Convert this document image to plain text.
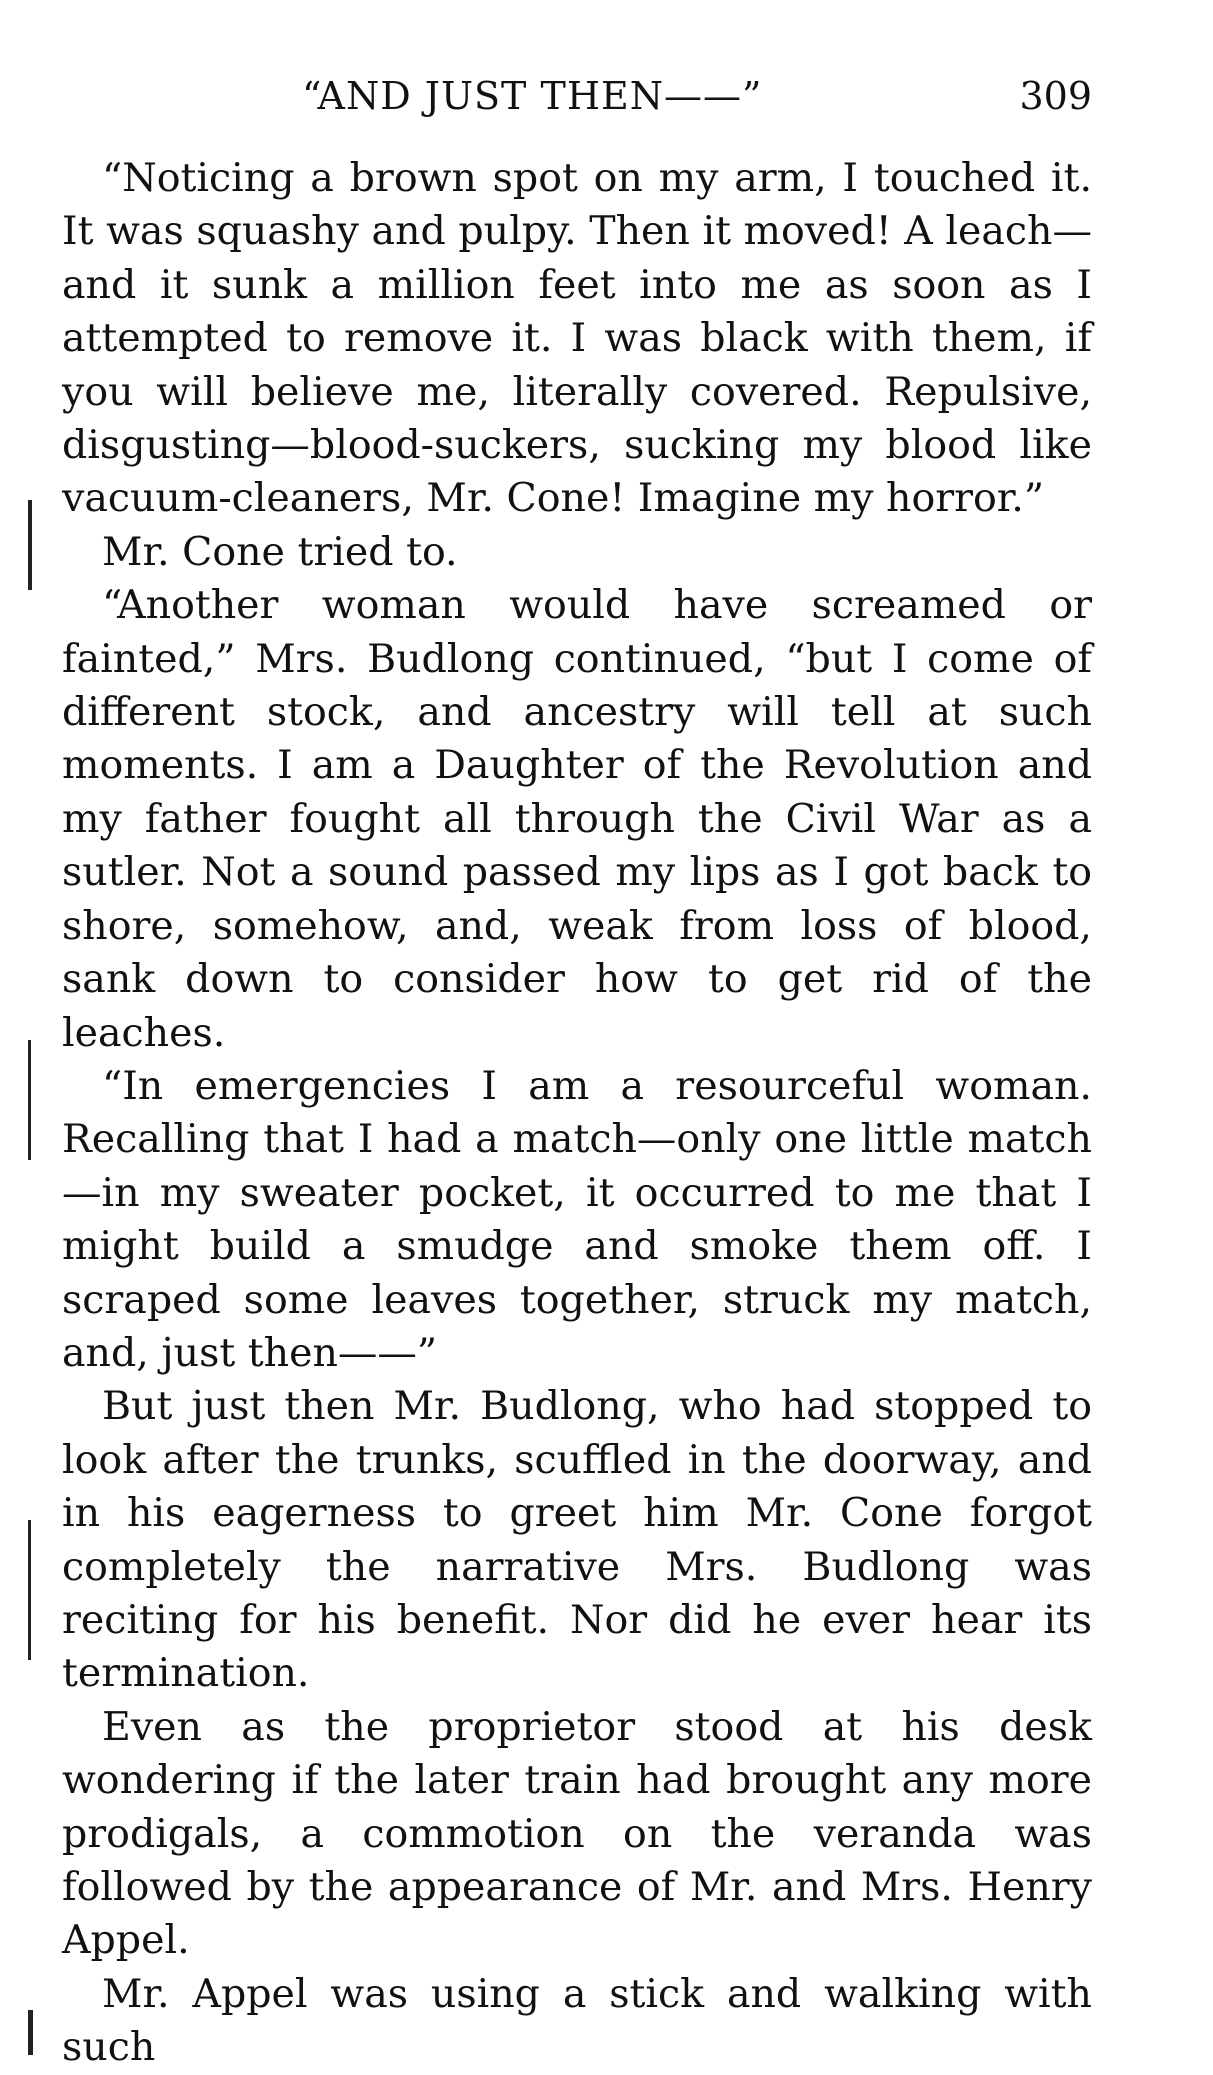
“AND JUST THEN——”	309

“Noticing a brown spot on my arm, I touched it. It was squashy and pulpy. Then it moved! A leach—and it sunk a million feet into me as soon as I attempted to remove it. I was black with them, if you will believe me, literally covered. Repulsive, disgusting—blood-suckers, sucking my blood like vacuum-cleaners, Mr. Cone! Imagine my horror.”

Mr. Cone tried to.

“Another woman would have screamed or fainted,” Mrs. Budlong continued, “but I come of different stock, and ancestry will tell at such moments. I am a Daughter of the Revolution and my father fought all through the Civil War as a sutler. Not a sound passed my lips as I got back to shore, somehow, and, weak from loss of blood, sank down to consider how to get rid of the leaches.

“In emergencies I am a resourceful woman. Recalling that I had a match—only one little match—in my sweater pocket, it occurred to me that I might build a smudge and smoke them off. I scraped some leaves together, struck my match, and, just then——”

But just then Mr. Budlong, who had stopped to look after the trunks, scuffled in the doorway, and in his eagerness to greet him Mr. Cone forgot completely the narrative Mrs. Budlong was reciting for his benefit. Nor did he ever hear its termination.

Even as the proprietor stood at his desk wondering if the later train had brought any more prodigals, a commotion on the veranda was followed by the appearance of Mr. and Mrs. Henry Appel.

Mr. Appel was using a stick and walking with such
